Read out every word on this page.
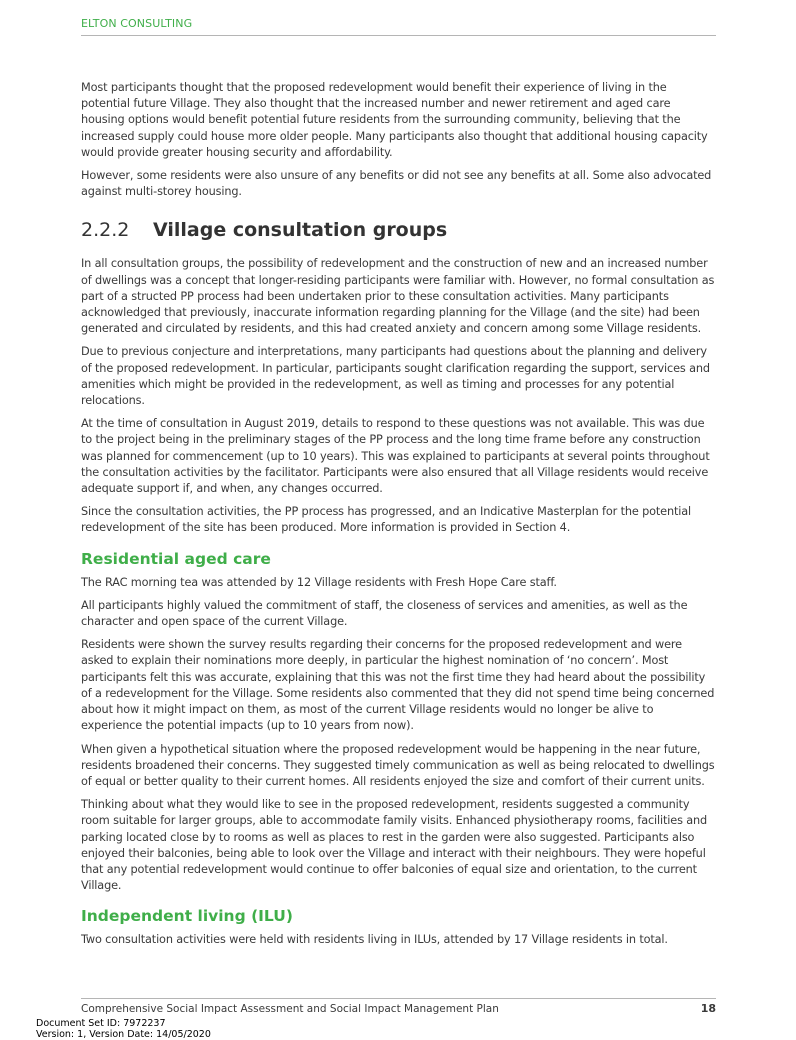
ELTON CONSULTING

Most participants thought that the proposed redevelopment would benefit their experience of living in the potential future Village. They also thought that the increased number and newer retirement and aged care housing options would benefit potential future residents from the surrounding community, believing that the increased supply could house more older people. Many participants also thought that additional housing capacity would provide greater housing security and affordability.

However, some residents were also unsure of any benefits or did not see any benefits at all. Some also advocated against multi-storey housing.

2.2.2	Village consultation groups

In all consultation groups, the possibility of redevelopment and the construction of new and an increased number of dwellings was a concept that longer-residing participants were familiar with. However, no formal consultation as part of a structed PP process had been undertaken prior to these consultation activities. Many participants acknowledged that previously, inaccurate information regarding planning for the Village (and the site) had been generated and circulated by residents, and this had created anxiety and concern among some Village residents.

Due to previous conjecture and interpretations, many participants had questions about the planning and delivery of the proposed redevelopment. In particular, participants sought clarification regarding the support, services and amenities which might be provided in the redevelopment, as well as timing and processes for any potential relocations.

At the time of consultation in August 2019, details to respond to these questions was not available. This was due to the project being in the preliminary stages of the PP process and the long time frame before any construction was planned for commencement (up to 10 years). This was explained to participants at several points throughout the consultation activities by the facilitator. Participants were also ensured that all Village residents would receive adequate support if, and when, any changes occurred.

Since the consultation activities, the PP process has progressed, and an Indicative Masterplan for the potential redevelopment of the site has been produced. More information is provided in Section 4.

Residential aged care

The RAC morning tea was attended by 12 Village residents with Fresh Hope Care staff.

All participants highly valued the commitment of staff, the closeness of services and amenities, as well as the character and open space of the current Village.

Residents were shown the survey results regarding their concerns for the proposed redevelopment and were asked to explain their nominations more deeply, in particular the highest nomination of ‘no concern’. Most participants felt this was accurate, explaining that this was not the first time they had heard about the possibility of a redevelopment for the Village. Some residents also commented that they did not spend time being concerned about how it might impact on them, as most of the current Village residents would no longer be alive to experience the potential impacts (up to 10 years from now).

When given a hypothetical situation where the proposed redevelopment would be happening in the near future, residents broadened their concerns. They suggested timely communication as well as being relocated to dwellings of equal or better quality to their current homes. All residents enjoyed the size and comfort of their current units.

Thinking about what they would like to see in the proposed redevelopment, residents suggested a community room suitable for larger groups, able to accommodate family visits. Enhanced physiotherapy rooms, facilities and parking located close by to rooms as well as places to rest in the garden were also suggested. Participants also enjoyed their balconies, being able to look over the Village and interact with their neighbours. They were hopeful that any potential redevelopment would continue to offer balconies of equal size and orientation, to the current Village.

Independent living (ILU)

Two consultation activities were held with residents living in ILUs, attended by 17 Village residents in total.

Comprehensive Social Impact Assessment and Social Impact Management Plan	18
Document Set ID: 7972237
Version: 1, Version Date: 14/05/2020
